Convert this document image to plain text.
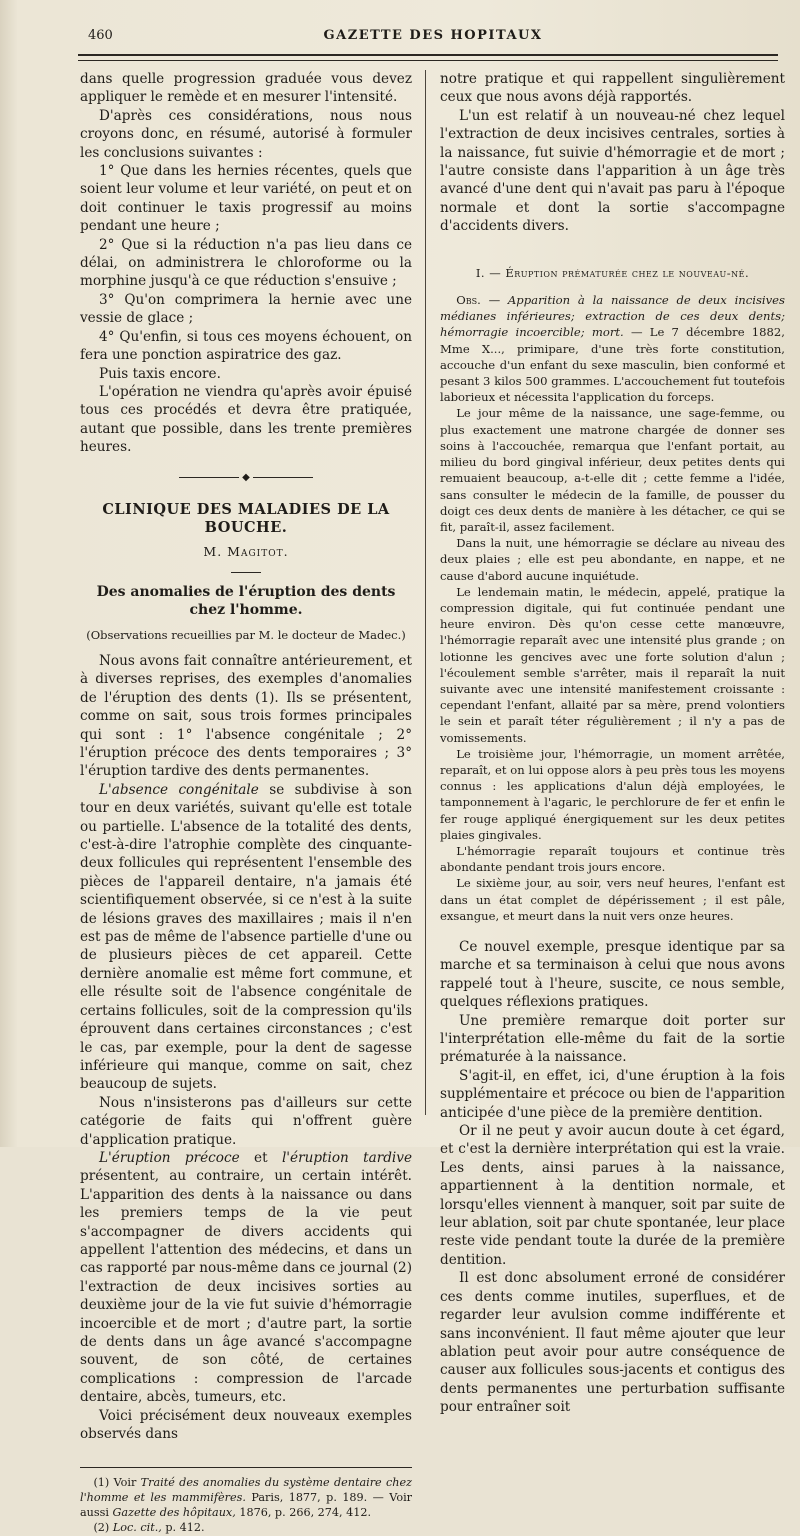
460	GAZETTE DES HOPITAUX

dans quelle progression graduée vous devez appliquer le remède et en mesurer l'intensité.

D'après ces considérations, nous nous croyons donc, en résumé, autorisé à formuler les conclusions suivantes :

1° Que dans les hernies récentes, quels que soient leur volume et leur variété, on peut et on doit continuer le taxis progressif au moins pendant une heure ;

2° Que si la réduction n'a pas lieu dans ce délai, on administrera le chloroforme ou la morphine jusqu'à ce que réduction s'ensuive ;

3° Qu'on comprimera la hernie avec une vessie de glace ;

4° Qu'enfin, si tous ces moyens échouent, on fera une ponction aspiratrice des gaz.

Puis taxis encore.

L'opération ne viendra qu'après avoir épuisé tous ces procédés et devra être pratiquée, autant que possible, dans les trente premières heures.

◆
CLINIQUE DES MALADIES DE LA BOUCHE.
M. Magitot.
Des anomalies de l'éruption des dents chez l'homme.
(Observations recueillies par M. le docteur de Madec.)

Nous avons fait connaître antérieurement, et à diverses reprises, des exemples d'anomalies de l'éruption des dents (1). Ils se présentent, comme on sait, sous trois formes principales qui sont : 1° l'absence congénitale ; 2° l'éruption précoce des dents temporaires ; 3° l'éruption tardive des dents permanentes.

L'absence congénitale se subdivise à son tour en deux variétés, suivant qu'elle est totale ou partielle. L'absence de la totalité des dents, c'est-à-dire l'atrophie complète des cinquante-deux follicules qui représentent l'ensemble des pièces de l'appareil dentaire, n'a jamais été scientifiquement observée, si ce n'est à la suite de lésions graves des maxillaires ; mais il n'en est pas de même de l'absence partielle d'une ou de plusieurs pièces de cet appareil. Cette dernière anomalie est même fort commune, et elle résulte soit de l'absence congénitale de certains follicules, soit de la compression qu'ils éprouvent dans certaines circonstances ; c'est le cas, par exemple, pour la dent de sagesse inférieure qui manque, comme on sait, chez beaucoup de sujets.

Nous n'insisterons pas d'ailleurs sur cette catégorie de faits qui n'offrent guère d'application pratique.

L'éruption précoce et l'éruption tardive présentent, au contraire, un certain intérêt. L'apparition des dents à la naissance ou dans les premiers temps de la vie peut s'accompagner de divers accidents qui appellent l'attention des médecins, et dans un cas rapporté par nous-même dans ce journal (2) l'extraction de deux incisives sorties au deuxième jour de la vie fut suivie d'hémorragie incoercible et de mort ; d'autre part, la sortie de dents dans un âge avancé s'accompagne souvent, de son côté, de certaines complications : compression de l'arcade dentaire, abcès, tumeurs, etc.

Voici précisément deux nouveaux exemples observés dans

(1) Voir Traité des anomalies du système dentaire chez l'homme et les mammifères. Paris, 1877, p. 189. — Voir aussi Gazette des hôpitaux, 1876, p. 266, 274, 412.

(2) Loc. cit., p. 412.

notre pratique et qui rappellent singulièrement ceux que nous avons déjà rapportés.

L'un est relatif à un nouveau-né chez lequel l'extraction de deux incisives centrales, sorties à la naissance, fut suivie d'hémorragie et de mort ; l'autre consiste dans l'apparition à un âge très avancé d'une dent qui n'avait pas paru à l'époque normale et dont la sortie s'accompagne d'accidents divers.

I. — Éruption prématurée chez le nouveau-né.

Obs. — Apparition à la naissance de deux incisives médianes inférieures; extraction de ces deux dents; hémorragie incoercible; mort. — Le 7 décembre 1882, Mme X..., primipare, d'une très forte constitution, accouche d'un enfant du sexe masculin, bien conformé et pesant 3 kilos 500 grammes. L'accouchement fut toutefois laborieux et nécessita l'application du forceps.

Le jour même de la naissance, une sage-femme, ou plus exactement une matrone chargée de donner ses soins à l'accouchée, remarqua que l'enfant portait, au milieu du bord gingival inférieur, deux petites dents qui remuaient beaucoup, a-t-elle dit ; cette femme a l'idée, sans consulter le médecin de la famille, de pousser du doigt ces deux dents de manière à les détacher, ce qui se fit, paraît-il, assez facilement.

Dans la nuit, une hémorragie se déclare au niveau des deux plaies ; elle est peu abondante, en nappe, et ne cause d'abord aucune inquiétude.

Le lendemain matin, le médecin, appelé, pratique la compression digitale, qui fut continuée pendant une heure environ. Dès qu'on cesse cette manœuvre, l'hémorragie reparaît avec une intensité plus grande ; on lotionne les gencives avec une forte solution d'alun ; l'écoulement semble s'arrêter, mais il reparaît la nuit suivante avec une intensité manifestement croissante : cependant l'enfant, allaité par sa mère, prend volontiers le sein et paraît téter régulièrement ; il n'y a pas de vomissements.

Le troisième jour, l'hémorragie, un moment arrêtée, reparaît, et on lui oppose alors à peu près tous les moyens connus : les applications d'alun déjà employées, le tamponnement à l'agaric, le perchlorure de fer et enfin le fer rouge appliqué énergiquement sur les deux petites plaies gingivales.

L'hémorragie reparaît toujours et continue très abondante pendant trois jours encore.

Le sixième jour, au soir, vers neuf heures, l'enfant est dans un état complet de dépérissement ; il est pâle, exsangue, et meurt dans la nuit vers onze heures.

Ce nouvel exemple, presque identique par sa marche et sa terminaison à celui que nous avons rappelé tout à l'heure, suscite, ce nous semble, quelques réflexions pratiques.

Une première remarque doit porter sur l'interprétation elle-même du fait de la sortie prématurée à la naissance.

S'agit-il, en effet, ici, d'une éruption à la fois supplémentaire et précoce ou bien de l'apparition anticipée d'une pièce de la première dentition.

Or il ne peut y avoir aucun doute à cet égard, et c'est la dernière interprétation qui est la vraie. Les dents, ainsi parues à la naissance, appartiennent à la dentition normale, et lorsqu'elles viennent à manquer, soit par suite de leur ablation, soit par chute spontanée, leur place reste vide pendant toute la durée de la première dentition.

Il est donc absolument erroné de considérer ces dents comme inutiles, superflues, et de regarder leur avulsion comme indifférente et sans inconvénient. Il faut même ajouter que leur ablation peut avoir pour autre conséquence de causer aux follicules sous-jacents et contigus des dents permanentes une perturbation suffisante pour entraîner soit
